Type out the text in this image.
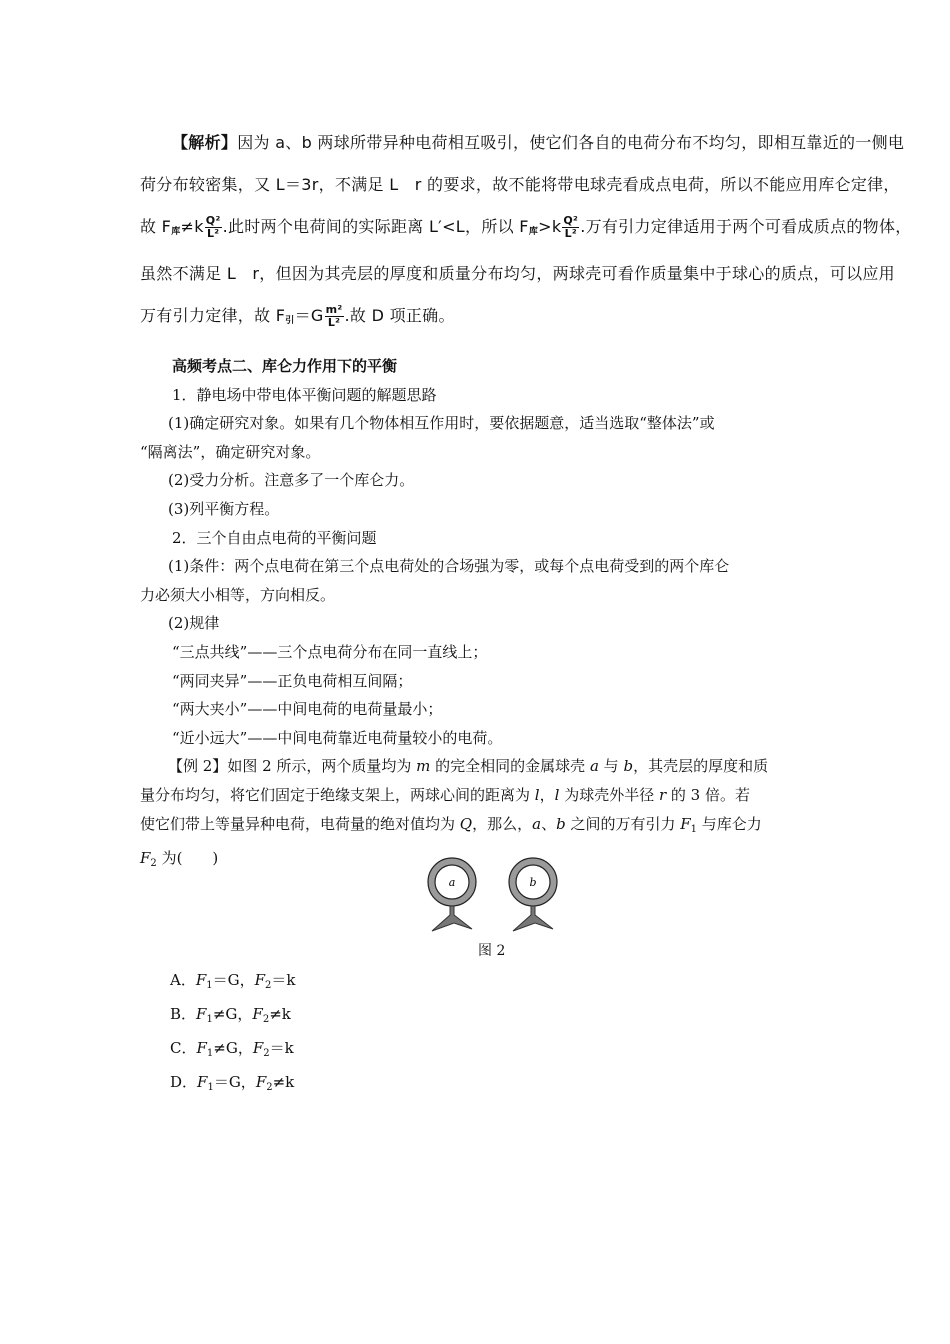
【解析】因为 a、b 两球所带异种电荷相互吸引，使它们各自的电荷分布不均匀，即相互靠近的一侧电

荷分布较密集，又 L＝3r，不满足 L　r 的要求，故不能将带电球壳看成点电荷，所以不能应用库仑定律，

故 $F_库\ne k \frac{\text{Q²}}{\text{L²}}$ .此时两个电荷间的实际距离 L′<L，所以 $F_库>k \frac{\text{Q²}}{\text{L²}}$ .万有引力定律适用于两个可看成质点的物体，

虽然不满足 L　r，但因为其壳层的厚度和质量分布均匀，两球壳可看作质量集中于球心的质点，可以应用

万有引力定律，故 $F_引=G \frac{\text{m²}}{\text{L²}}$ .故 D 项正确。

高频考点二、库仑力作用下的平衡

1．静电场中带电体平衡问题的解题思路

(1)确定研究对象。如果有几个物体相互作用时，要依据题意，适当选取“整体法”或

“隔离法”，确定研究对象。

(2)受力分析。注意多了一个库仑力。

(3)列平衡方程。

2．三个自由点电荷的平衡问题

(1)条件：两个点电荷在第三个点电荷处的合场强为零，或每个点电荷受到的两个库仑

力必须大小相等，方向相反。

(2)规律

“三点共线”——三个点电荷分布在同一直线上；

“两同夹异”——正负电荷相互间隔；

“两大夹小”——中间电荷的电荷量最小；

“近小远大”——中间电荷靠近电荷量较小的电荷。

【例 2】如图 2 所示，两个质量均为 m 的完全相同的金属球壳 a 与 b，其壳层的厚度和质

量分布均匀，将它们固定于绝缘支架上，两球心间的距离为 l，l 为球壳外半径 r 的 3 倍。若

使它们带上等量异种电荷，电荷量的绝对值均为 Q，那么，a、b 之间的万有引力 $F_1$ 与库仑力

$F_2$ 为(　　)

a	b
图 2

A．$F_1=G$，$F_2=k$

B．$F_1\ne G$，$F_2\ne k$

C．$F_1\ne G$，$F_2=k$

D．$F_1=G$，$F_2\ne k$
